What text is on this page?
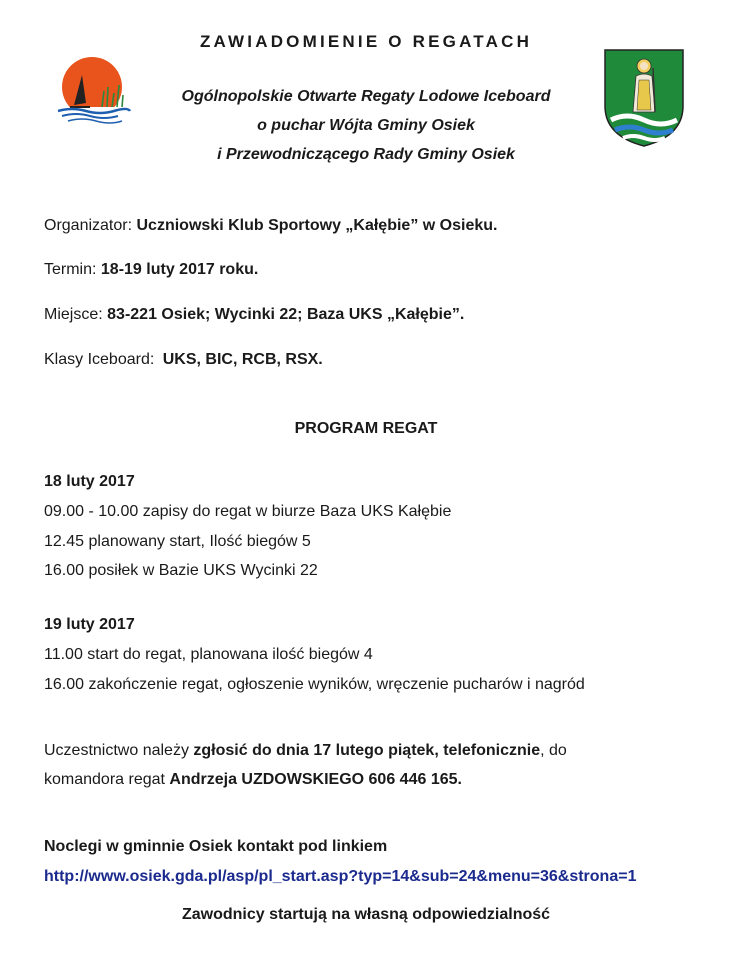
ZAWIADOMIENIE O REGATACH
Ogólnopolskie Otwarte Regaty Lodowe Iceboard
o puchar Wójta Gminy Osiek
i Przewodniczącego Rady Gminy Osiek
Organizator: Uczniowski Klub Sportowy „Kałębie” w Osieku.
Termin: 18-19 luty 2017 roku.
Miejsce: 83-221 Osiek; Wycinki 22; Baza UKS „Kałębie”.
Klasy Iceboard: UKS, BIC, RCB, RSX.
PROGRAM REGAT
18 luty 2017
09.00 - 10.00 zapisy do regat w biurze Baza UKS Kałębie
12.45 planowany start, Ilość biegów 5
16.00 posiłek w Bazie UKS Wycinki 22
19 luty 2017
11.00 start do regat, planowana ilość biegów 4
16.00 zakończenie regat, ogłoszenie wyników, wręczenie pucharów i nagród
Uczestnictwo należy zgłosić do dnia 17 lutego piątek, telefonicznie, do
komandora regat Andrzeja UZDOWSKIEGO 606 446 165.
Noclegi w gminnie Osiek kontakt pod linkiem
http://www.osiek.gda.pl/asp/pl_start.asp?typ=14&sub=24&menu=36&strona=1
Zawodnicy startują na własną odpowiedzialność
